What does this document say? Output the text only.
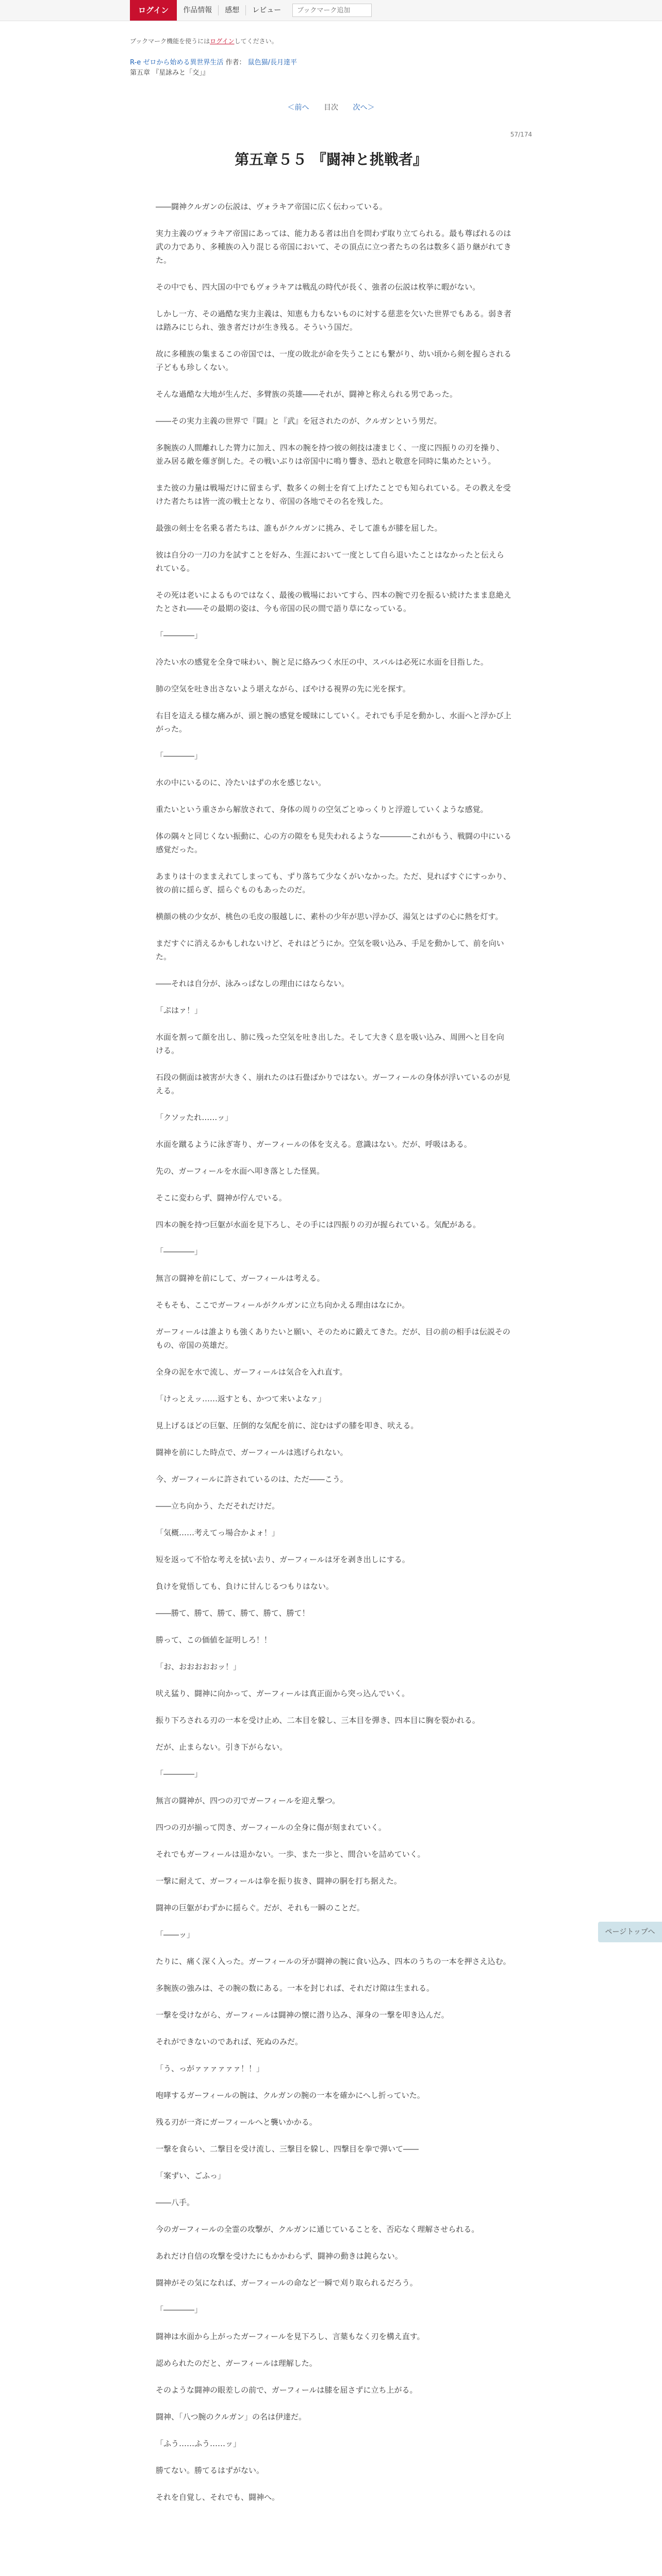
ログイン	作品情報	感想	レビュー
ブックマーク追加
ブックマーク機能を使うにはログインしてください。
R-e ゼロから始める異世界生活 作者： 鼠色猫/長月達平
第五章 『星詠みと「交」』
＜前へ 目次 次へ＞
57/174
第五章５５ 『闘神と挑戦者』

――闘神クルガンの伝説は、ヴォラキア帝国に広く伝わっている。

実力主義のヴォラキア帝国にあっては、能力ある者は出自を問わず取り立てられる。最も尊ばれるのは武の力であり、多種族の入り混じる帝国において、その頂点に立つ者たちの名は数多く語り継がれてきた。

その中でも、四大国の中でもヴォラキアは戦乱の時代が長く、強者の伝説は枚挙に暇がない。

しかし一方、その過酷な実力主義は、知恵も力もないものに対する慈悲を欠いた世界でもある。弱き者は踏みにじられ、強き者だけが生き残る。そういう国だ。

故に多種族の集まるこの帝国では、一度の敗北が命を失うことにも繋がり、幼い頃から剣を握らされる子どもも珍しくない。

そんな過酷な大地が生んだ、多臂族の英雄――それが、闘神と称えられる男であった。

――その実力主義の世界で『闘』と『武』を冠されたのが、クルガンという男だ。

多腕族の人間離れした膂力に加え、四本の腕を持つ彼の剣技は凄まじく、一度に四振りの刃を操り、並み居る敵を薙ぎ倒した。その戦いぶりは帝国中に鳴り響き、恐れと敬意を同時に集めたという。

また彼の力量は戦場だけに留まらず、数多くの剣士を育て上げたことでも知られている。その教えを受けた者たちは皆一流の戦士となり、帝国の各地でその名を残した。

最強の剣士を名乗る者たちは、誰もがクルガンに挑み、そして誰もが膝を屈した。

彼は自分の一刀の力を試すことを好み、生涯において一度として自ら退いたことはなかったと伝えられている。

その死は老いによるものではなく、最後の戦場においてすら、四本の腕で刃を振るい続けたまま息絶えたとされ――その最期の姿は、今も帝国の民の間で語り草になっている。

「――――」

冷たい水の感覚を全身で味わい、腕と足に絡みつく水圧の中、スバルは必死に水面を目指した。

肺の空気を吐き出さないよう堪えながら、ぼやける視界の先に光を探す。

右目を這える様な痛みが、頭と腕の感覚を曖昧にしていく。それでも手足を動かし、水面へと浮かび上がった。

「――――」

水の中にいるのに、冷たいはずの水を感じない。

重たいという重さから解放されて、身体の周りの空気ごとゆっくりと浮遊していくような感覚。

体の隅々と同じくない振動に、心の方の隙をも見失われるような――――これがもう、戦闘の中にいる感覚だった。

あまりは十のままえれてしまっても、ずり落ちて少なくがいなかった。ただ、見ればすぐにすっかり、彼の前に揺らぎ、揺らぐものもあったのだ。

横顔の桃の少女が、桃色の毛皮の服越しに、素朴の少年が思い浮かび、湯気とはずの心に熱を灯す。

まだすぐに消えるかもしれないけど、それはどうにか。空気を吸い込み、手足を動かして、前を向いた。

――それは自分が、泳みっぱなしの理由にはならない。

「ぷはァ！」

水面を割って顔を出し、肺に残った空気を吐き出した。そして大きく息を吸い込み、周囲へと目を向ける。

石段の側面は被害が大きく、崩れたのは石畳ばかりではない。ガーフィールの身体が浮いているのが見える。

「クソッたれ……ッ」

水面を蹴るように泳ぎ寄り、ガーフィールの体を支える。意識はない。だが、呼吸はある。

先の、ガーフィールを水面へ叩き落とした怪異。

そこに変わらず、闘神が佇んでいる。

四本の腕を持つ巨躯が水面を見下ろし、その手には四振りの刃が握られている。気配がある。

「――――」

無言の闘神を前にして、ガーフィールは考える。

そもそも、ここでガーフィールがクルガンに立ち向かえる理由はなにか。

ガーフィールは誰よりも強くありたいと願い、そのために鍛えてきた。だが、目の前の相手は伝説そのもの、帝国の英雄だ。

全身の泥を水で流し、ガーフィールは気合を入れ直す。

「けっとえッ……返すとも、かつて来いよなァ」

見上げるほどの巨躯、圧倒的な気配を前に、淀むはずの膝を叩き、吠える。

闘神を前にした時点で、ガーフィールは逃げられない。

今、ガーフィールに許されているのは、ただ――こう。

――立ち向かう、ただそれだけだ。

「気概……考えてっ場合かよォ！」

短を返って不恰な考えを拭い去り、ガーフィールは牙を剥き出しにする。

負けを覚悟しても、負けに甘んじるつもりはない。

――勝て、勝て、勝て、勝て、勝て、勝て！

勝って、この価値を証明しろ！！

「お、おおおおおッ！」

吠え猛り、闘神に向かって、ガーフィールは真正面から突っ込んでいく。

振り下ろされる刃の一本を受け止め、二本目を躱し、三本目を弾き、四本目に胸を裂かれる。

だが、止まらない。引き下がらない。

「――――」

無言の闘神が、四つの刃でガーフィールを迎え撃つ。

四つの刃が揃って閃き、ガーフィールの全身に傷が刻まれていく。

それでもガーフィールは退かない。一歩、また一歩と、間合いを詰めていく。

一撃に耐えて、ガーフィールは拳を振り抜き、闘神の胴を打ち据えた。

闘神の巨躯がわずかに揺らぐ。だが、それも一瞬のことだ。

「――ッ」

たりに、痛く深く入った。ガーフィールの牙が闘神の腕に食い込み、四本のうちの一本を押さえ込む。

多腕族の強みは、その腕の数にある。一本を封じれば、それだけ隙は生まれる。

一撃を受けながら、ガーフィールは闘神の懐に潜り込み、渾身の一撃を叩き込んだ。

それができないのであれば、死ぬのみだ。

「う、っがァァァァァァ！！」

咆哮するガーフィールの腕は、クルガンの腕の一本を確かにへし折っていた。

残る刃が一斉にガーフィールへと襲いかかる。

一撃を食らい、二撃目を受け流し、三撃目を躱し、四撃目を拳で弾いて――

「案ずい、ごふっ」

――八手。

今のガーフィールの全霊の攻撃が、クルガンに通じていることを、否応なく理解させられる。

あれだけ自信の攻撃を受けたにもかかわらず、闘神の動きは鈍らない。

闘神がその気になれば、ガーフィールの命など一瞬で刈り取られるだろう。

「――――」

闘神は水面から上がったガーフィールを見下ろし、言葉もなく刃を構え直す。

認められたのだと、ガーフィールは理解した。

そのような闘神の眼差しの前で、ガーフィールは膝を屈さずに立ち上がる。

闘神、「八つ腕のクルガン」の名は伊達だ。

「ふう……ふう……ッ」

勝てない。勝てるはずがない。

それを自覚し、それでも、闘神へ。

ページトップへ
